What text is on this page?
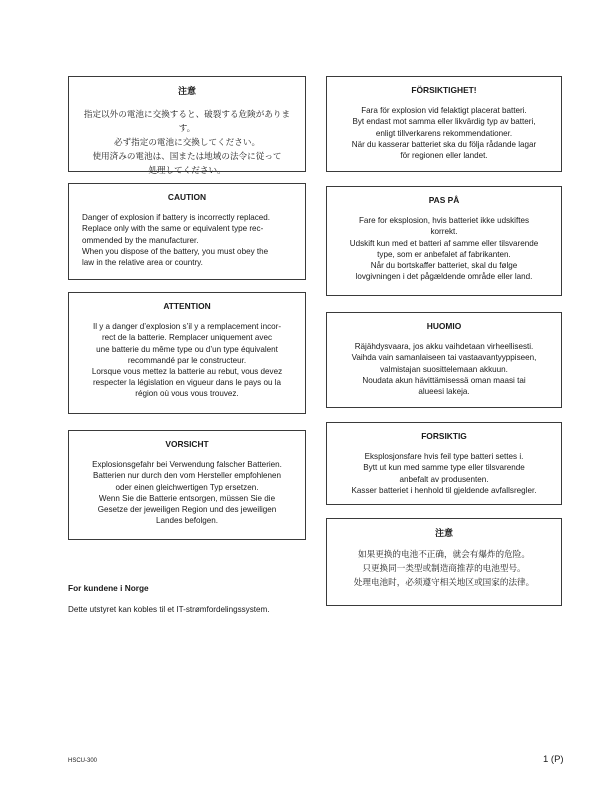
注意

指定以外の電池に交換すると、破裂する危険があります。

必ず指定の電池に交換してください。

使用済みの電池は、国または地域の法令に従って

処理してください。

CAUTION

Danger of explosion if battery is incorrectly replaced.

Replace only with the same or equivalent type rec-

ommended by the manufacturer.

When you dispose of the battery, you must obey the

law in the relative area or country.

ATTENTION

Il y a danger d’explosion s’il y a remplacement incor-

rect de la batterie. Remplacer uniquement avec

une batterie du même type ou d’un type équivalent

recommandé par le constructeur.

Lorsque vous mettez la batterie au rebut, vous devez

respecter la législation en vigueur dans le pays ou la

région où vous vous trouvez.

VORSICHT

Explosionsgefahr bei Verwendung falscher Batterien.

Batterien nur durch den vom Hersteller empfohlenen

oder einen gleichwertigen Typ ersetzen.

Wenn Sie die Batterie entsorgen, müssen Sie die

Gesetze der jeweiligen Region und des jeweiligen

Landes befolgen.

FÖRSIKTIGHET!

Fara för explosion vid felaktigt placerat batteri.

Byt endast mot samma eller likvärdig typ av batteri,

enligt tillverkarens rekommendationer.

När du kasserar batteriet ska du följa rådande lagar

för regionen eller landet.

PAS PÅ

Fare for eksplosion, hvis batteriet ikke udskiftes

korrekt.

Udskift kun med et batteri af samme eller tilsvarende

type, som er anbefalet af fabrikanten.

Når du bortskaffer batteriet, skal du følge

lovgivningen i det pågældende område eller land.

HUOMIO

Räjähdysvaara, jos akku vaihdetaan virheellisesti.

Vaihda vain samanlaiseen tai vastaavantyyppiseen,

valmistajan suosittelemaan akkuun.

Noudata akun hävittämisessä oman maasi tai

alueesi lakeja.

FORSIKTIG

Eksplosjonsfare hvis feil type batteri settes i.

Bytt ut kun med samme type eller tilsvarende

anbefalt av produsenten.

Kasser batteriet i henhold til gjeldende avfallsregler.

注意

如果更换的电池不正确，就会有爆炸的危险。

只更换同一类型或制造商推荐的电池型号。

处理电池时，必须遵守相关地区或国家的法律。

For kundene i Norge
Dette utstyret kan kobles til et IT-strømfordelingssystem.
HSCU-300	1 (P)
